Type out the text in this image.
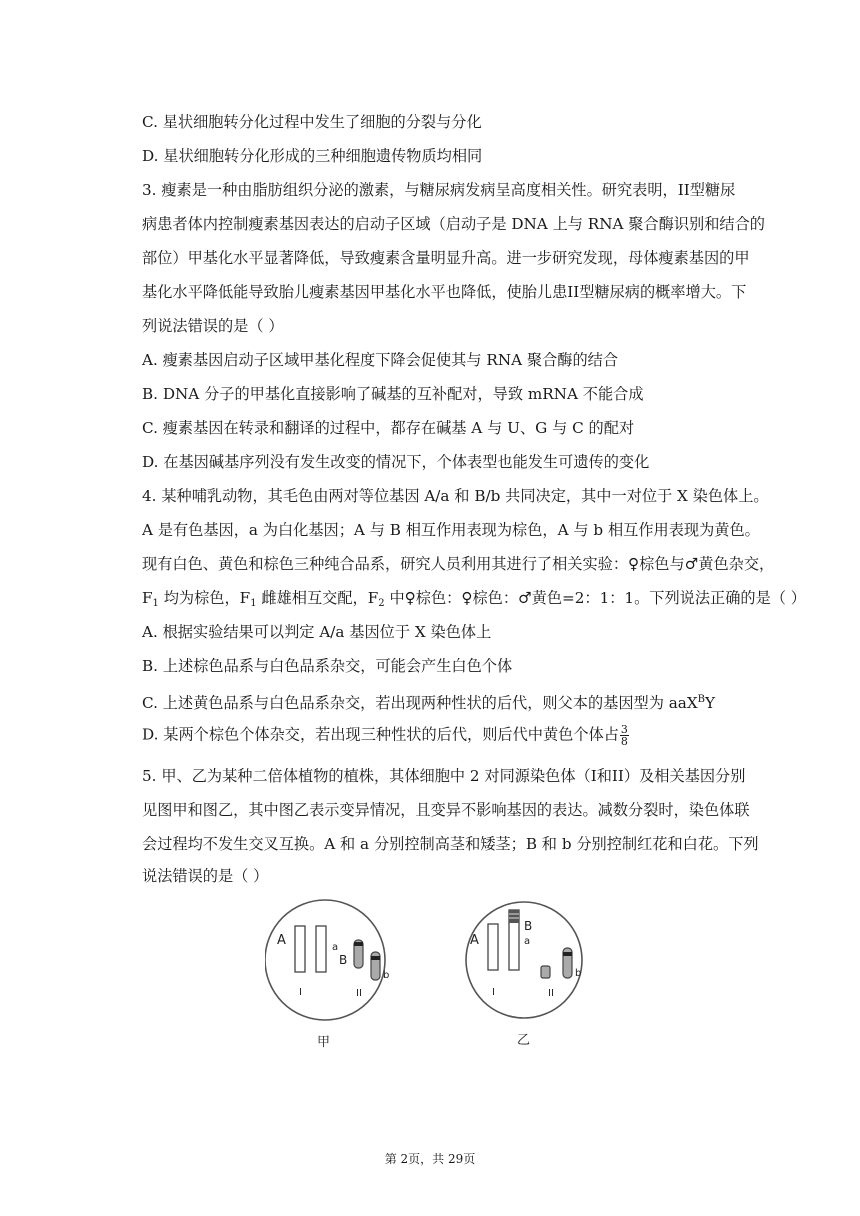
C. 星状细胞转分化过程中发生了细胞的分裂与分化
D. 星状细胞转分化形成的三种细胞遗传物质均相同
3. 瘦素是一种由脂肪组织分泌的激素，与糖尿病发病呈高度相关性。研究表明，II型糖尿
病患者体内控制瘦素基因表达的启动子区域（启动子是 DNA 上与 RNA 聚合酶识别和结合的
部位）甲基化水平显著降低，导致瘦素含量明显升高。进一步研究发现，母体瘦素基因的甲
基化水平降低能导致胎儿瘦素基因甲基化水平也降低，使胎儿患II型糖尿病的概率增大。下
列说法错误的是（ ）
A. 瘦素基因启动子区域甲基化程度下降会促使其与 RNA 聚合酶的结合
B. DNA 分子的甲基化直接影响了碱基的互补配对，导致 mRNA 不能合成
C. 瘦素基因在转录和翻译的过程中，都存在碱基 A 与 U、G 与 C 的配对
D. 在基因碱基序列没有发生改变的情况下，个体表型也能发生可遗传的变化
4. 某种哺乳动物，其毛色由两对等位基因 A/a 和 B/b 共同决定，其中一对位于 X 染色体上。
A 是有色基因，a 为白化基因；A 与 B 相互作用表现为棕色，A 与 b 相互作用表现为黄色。
现有白色、黄色和棕色三种纯合品系，研究人员利用其进行了相关实验：♀棕色与♂黄色杂交，
$F_1$ 均为棕色，$F_1$ 雌雄相互交配，$F_2$ 中♀棕色：♀棕色：♂黄色=2：1：1。下列说法正确的是（ ）
A. 根据实验结果可以判定 A/a 基因位于 X 染色体上
B. 上述棕色品系与白色品系杂交，可能会产生白色个体
C. 上述黄色品系与白色品系杂交，若出现两种性状的后代，则父本的基因型为 aaX$^B$Y
D. 某两个棕色个体杂交，若出现三种性状的后代，则后代中黄色个体占 $\frac{3}{8}$
5. 甲、乙为某种二倍体植物的植株，其体细胞中 2 对同源染色体（I和II）及相关基因分别
见图甲和图乙，其中图乙表示变异情况，且变异不影响基因的表达。减数分裂时，染色体联
会过程均不发生交叉互换。A 和 a 分别控制高茎和矮茎；B 和 b 分别控制红花和白花。下列
说法错误的是（ ）
A	a
B
b
I	II
甲
A
B
a
b
I	II
乙
第 2页，共 29页
